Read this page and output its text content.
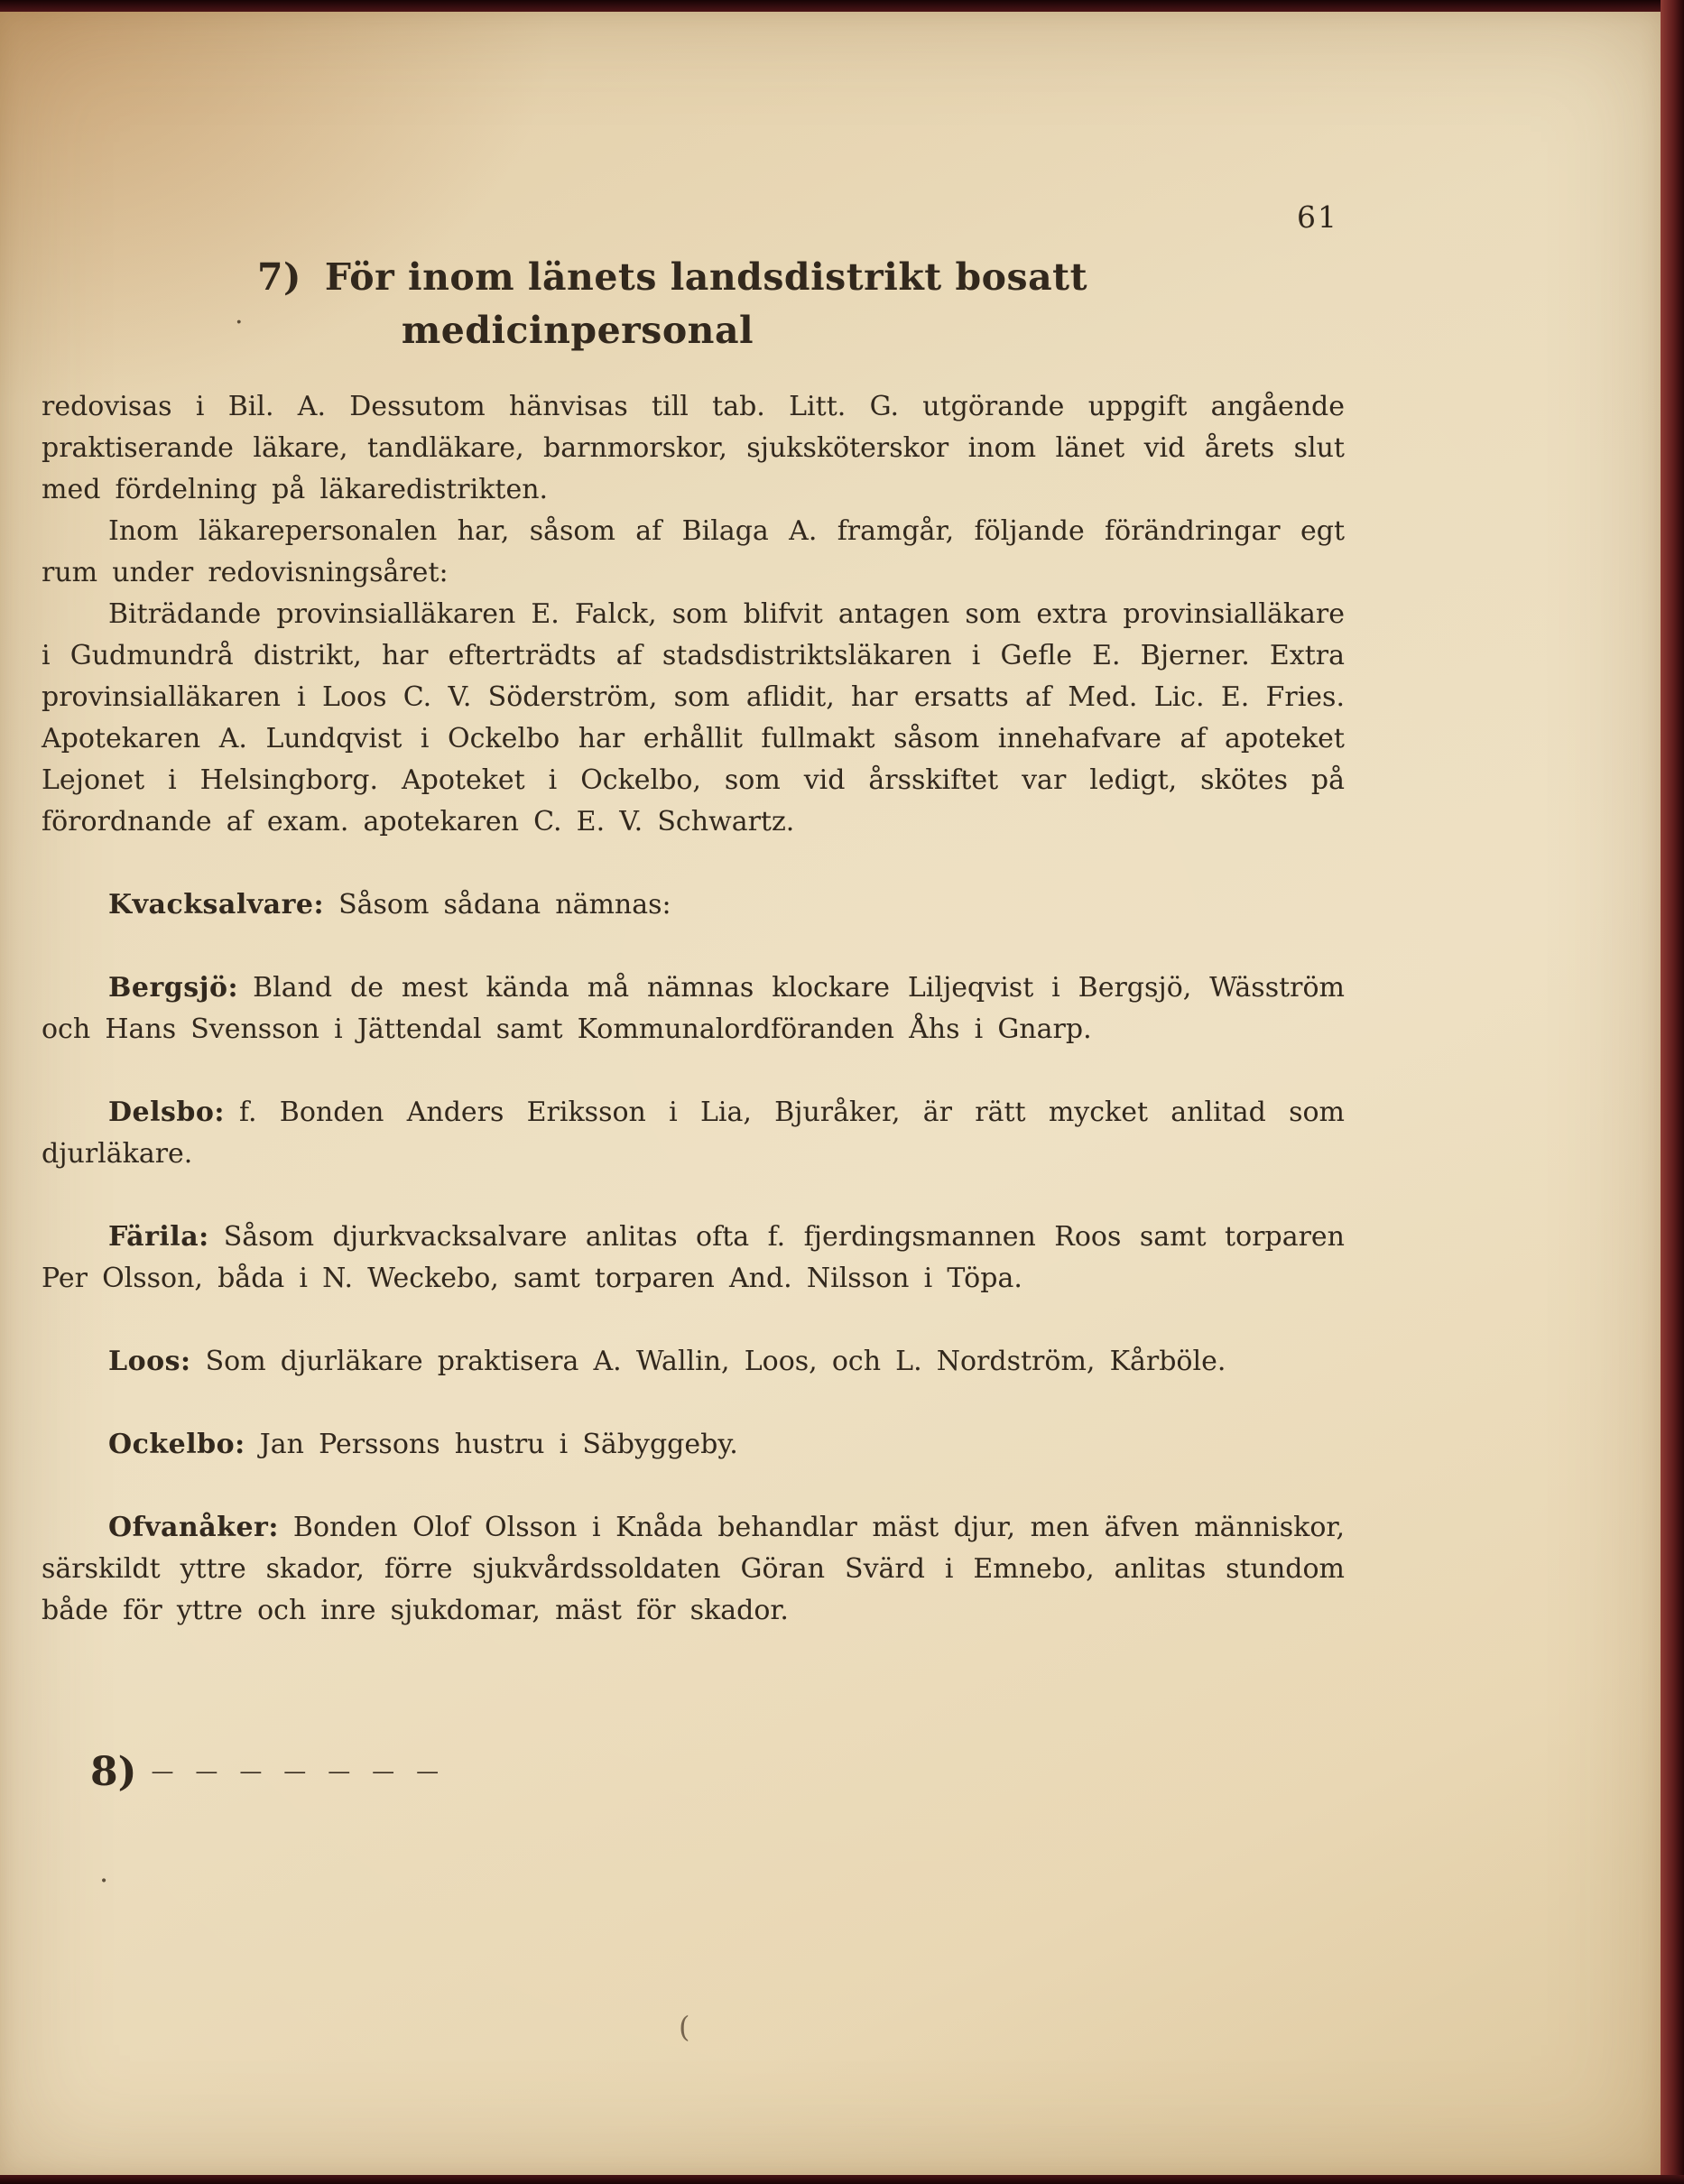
61
7) För inom länets landsdistrikt bosatt
medicinpersonal

redovisas i Bil. A. Dessutom hänvisas till tab. Litt. G. utgörande uppgift angående praktiserande läkare, tandläkare, barnmorskor, sjuksköterskor inom länet vid årets slut med fördelning på läkaredistrikten.

Inom läkarepersonalen har, såsom af Bilaga A. framgår, följande förändringar egt rum under redovisningsåret:

Biträdande provinsialläkaren E. Falck, som blifvit antagen som extra provinsialläkare i Gudmundrå distrikt, har efterträdts af stadsdistriktsläkaren i Gefle E. Bjerner. Extra provinsialläkaren i Loos C. V. Söderström, som aflidit, har ersatts af Med. Lic. E. Fries. Apotekaren A. Lundqvist i Ockelbo har erhållit fullmakt såsom innehafvare af apoteket Lejonet i Helsingborg. Apoteket i Ockelbo, som vid årsskiftet var ledigt, skötes på förordnande af exam. apotekaren C. E. V. Schwartz.

Kvacksalvare: Såsom sådana nämnas:

Bergsjö: Bland de mest kända må nämnas klockare Liljeqvist i Bergsjö, Wäsström och Hans Svensson i Jättendal samt Kommunalordföranden Åhs i Gnarp.

Delsbo: f. Bonden Anders Eriksson i Lia, Bjuråker, är rätt mycket anlitad som djurläkare.

Färila: Såsom djurkvacksalvare anlitas ofta f. fjerdingsmannen Roos samt torparen Per Olsson, båda i N. Weckebo, samt torparen And. Nilsson i Töpa.

Loos: Som djurläkare praktisera A. Wallin, Loos, och L. Nordström, Kårböle.

Ockelbo: Jan Perssons hustru i Säbyggeby.

Ofvanåker: Bonden Olof Olsson i Knåda behandlar mäst djur, men äfven människor, särskildt yttre skador, förre sjukvårdssoldaten Göran Svärd i Emnebo, anlitas stundom både för yttre och inre sjukdomar, mäst för skador.

8) — — — — — — —
.
.
(
